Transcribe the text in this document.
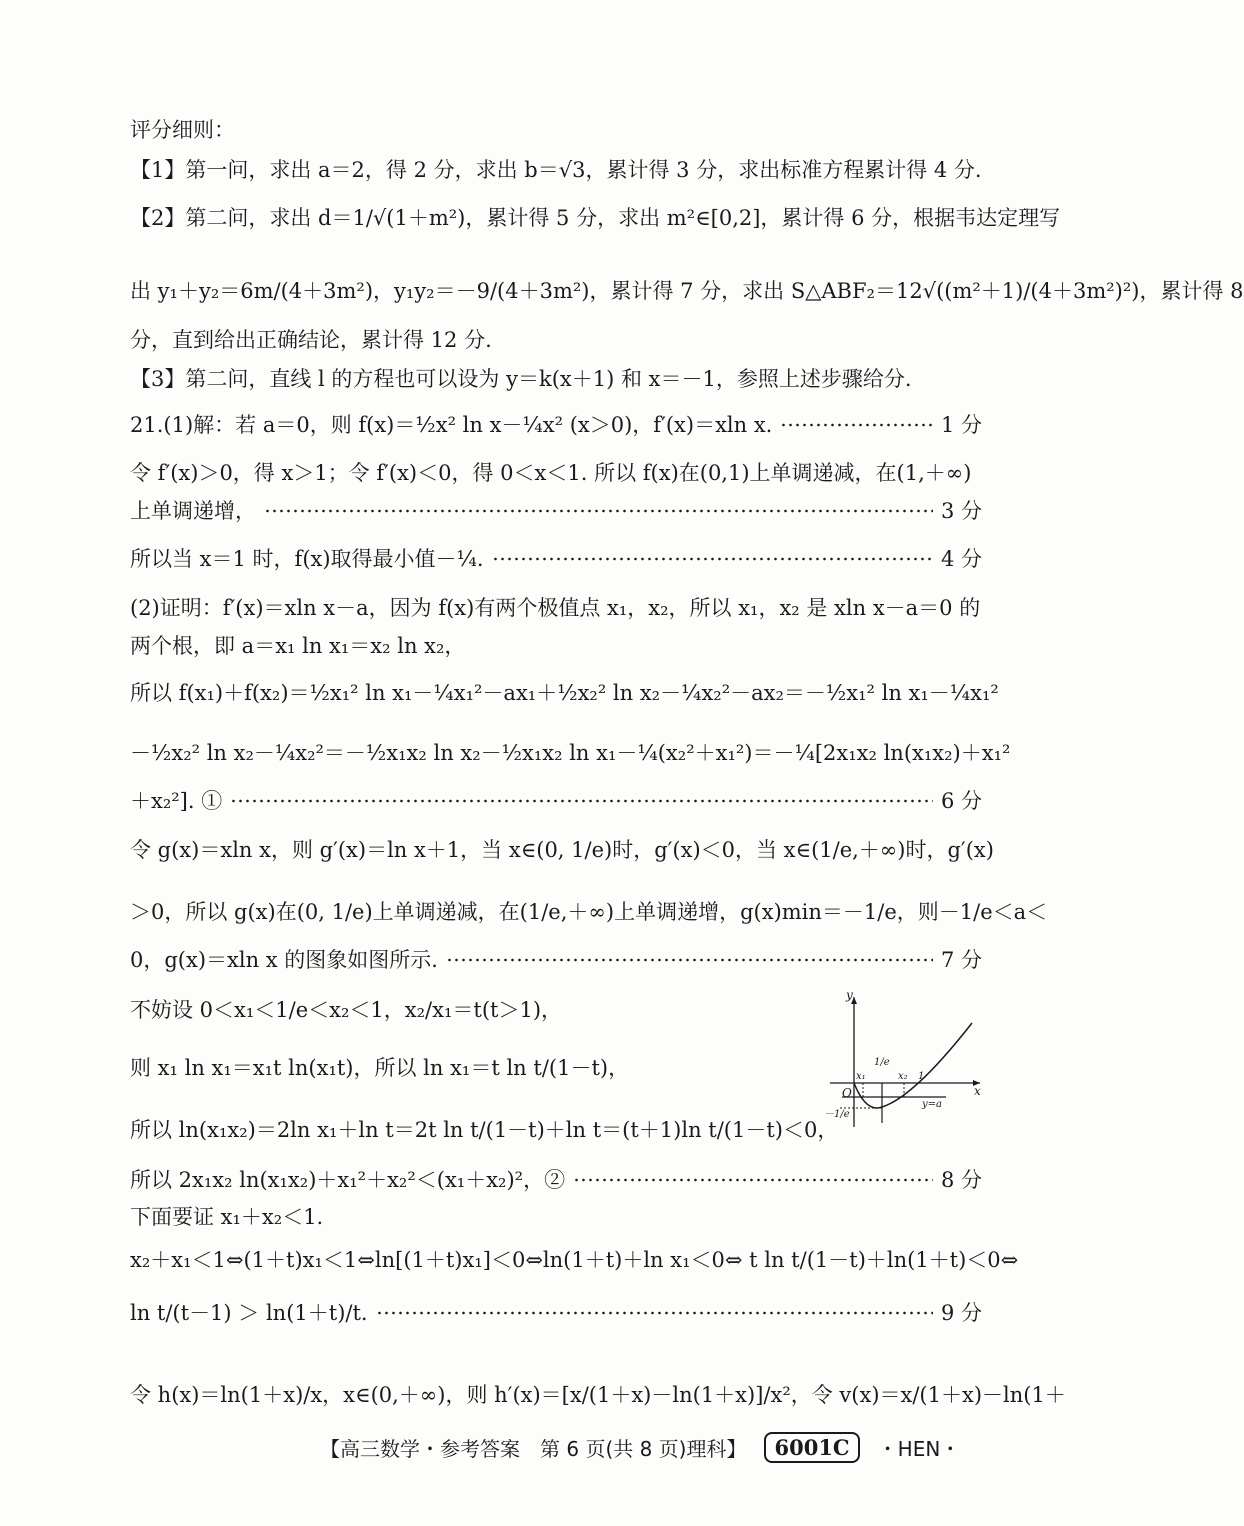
评分细则：
【1】第一问，求出 a＝2，得 2 分，求出 b＝√3，累计得 3 分，求出标准方程累计得 4 分.
【2】第二问，求出 d＝1/√(1＋m²)，累计得 5 分，求出 m²∈[0,2]，累计得 6 分，根据韦达定理写
出 y₁＋y₂＝6m/(4＋3m²)，y₁y₂＝－9/(4＋3m²)，累计得 7 分，求出 S△ABF₂＝12√((m²＋1)/(4＋3m²)²)，累计得 8
分，直到给出正确结论，累计得 12 分.
【3】第二问，直线 l 的方程也可以设为 y＝k(x＋1) 和 x＝－1，参照上述步骤给分.
21.(1)解：若 a＝0，则 f(x)＝½x² ln x－¼x² (x＞0)，f′(x)＝xln x.	1 分
令 f′(x)＞0，得 x＞1；令 f′(x)＜0，得 0＜x＜1. 所以 f(x)在(0,1)上单调递减，在(1,＋∞)
上单调递增，	3 分
所以当 x＝1 时，f(x)取得最小值－¼.	4 分
(2)证明：f′(x)＝xln x－a，因为 f(x)有两个极值点 x₁，x₂，所以 x₁，x₂ 是 xln x－a＝0 的
两个根，即 a＝x₁ ln x₁＝x₂ ln x₂，
所以 f(x₁)＋f(x₂)＝½x₁² ln x₁－¼x₁²－ax₁＋½x₂² ln x₂－¼x₂²－ax₂＝－½x₁² ln x₁－¼x₁²
－½x₂² ln x₂－¼x₂²＝－½x₁x₂ ln x₂－½x₁x₂ ln x₁－¼(x₂²＋x₁²)＝－¼[2x₁x₂ ln(x₁x₂)＋x₁²
＋x₂²]. ①	6 分
令 g(x)＝xln x，则 g′(x)＝ln x＋1，当 x∈(0, 1/e)时，g′(x)＜0，当 x∈(1/e,＋∞)时，g′(x)
＞0，所以 g(x)在(0, 1/e)上单调递减，在(1/e,＋∞)上单调递增，g(x)min＝－1/e，则－1/e＜a＜
0，g(x)＝xln x 的图象如图所示.	7 分
不妨设 0＜x₁＜1/e＜x₂＜1，x₂/x₁＝t(t＞1)，
则 x₁ ln x₁＝x₁t ln(x₁t)，所以 ln x₁＝t ln t/(1－t)，
所以 ln(x₁x₂)＝2ln x₁＋ln t＝2t ln t/(1－t)＋ln t＝(t＋1)ln t/(1－t)＜0，
所以 2x₁x₂ ln(x₁x₂)＋x₁²＋x₂²＜(x₁＋x₂)²，②	8 分
下面要证 x₁＋x₂＜1.
x₂＋x₁＜1⇔(1＋t)x₁＜1⇔ln[(1＋t)x₁]＜0⇔ln(1＋t)＋ln x₁＜0⇔ t ln t/(1－t)＋ln(1＋t)＜0⇔
ln t/(t－1) ＞ ln(1＋t)/t.	9 分
令 h(x)＝ln(1＋x)/x，x∈(0,＋∞)，则 h′(x)＝[x/(1＋x)－ln(1＋x)]/x²，令 v(x)＝x/(1＋x)－ln(1＋
y
x
O
x₁
1/e
x₂ 1
－1/e
y=a
【高三数学・参考答案　第 6 页(共 8 页)理科】	6001C	・HEN・
